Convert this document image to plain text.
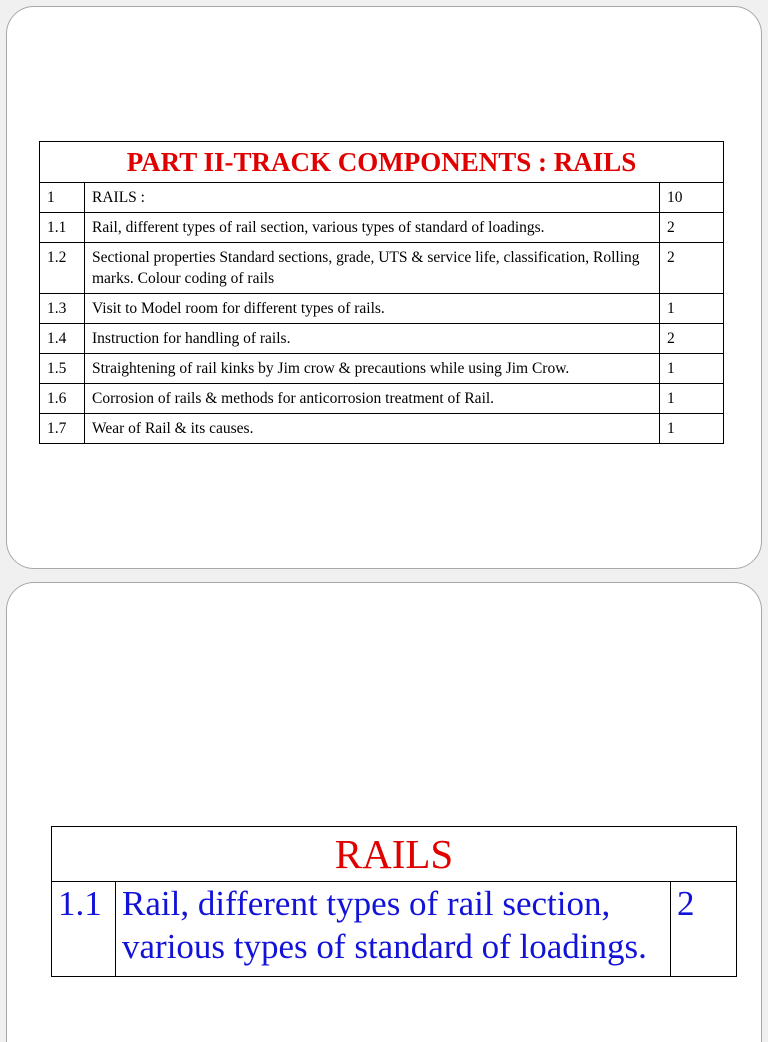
PART II-TRACK COMPONENTS : RAILS		
1	RAILS :	10
1.1	Rail, different types of rail section, various types of standard of loadings.	2
1.2	Sectional properties Standard sections, grade, UTS & service life, classification, Rolling marks. Colour coding of rails	2
1.3	Visit to Model room for different types of rails.	1
1.4	Instruction for handling of rails.	2
1.5	Straightening of rail kinks by Jim crow & precautions while using Jim Crow.	1
1.6	Corrosion of rails & methods for anticorrosion treatment of Rail.	1
1.7	Wear of Rail & its causes.	1
RAILS
1.1	Rail, different types of rail section, various types of standard of loadings.	2
